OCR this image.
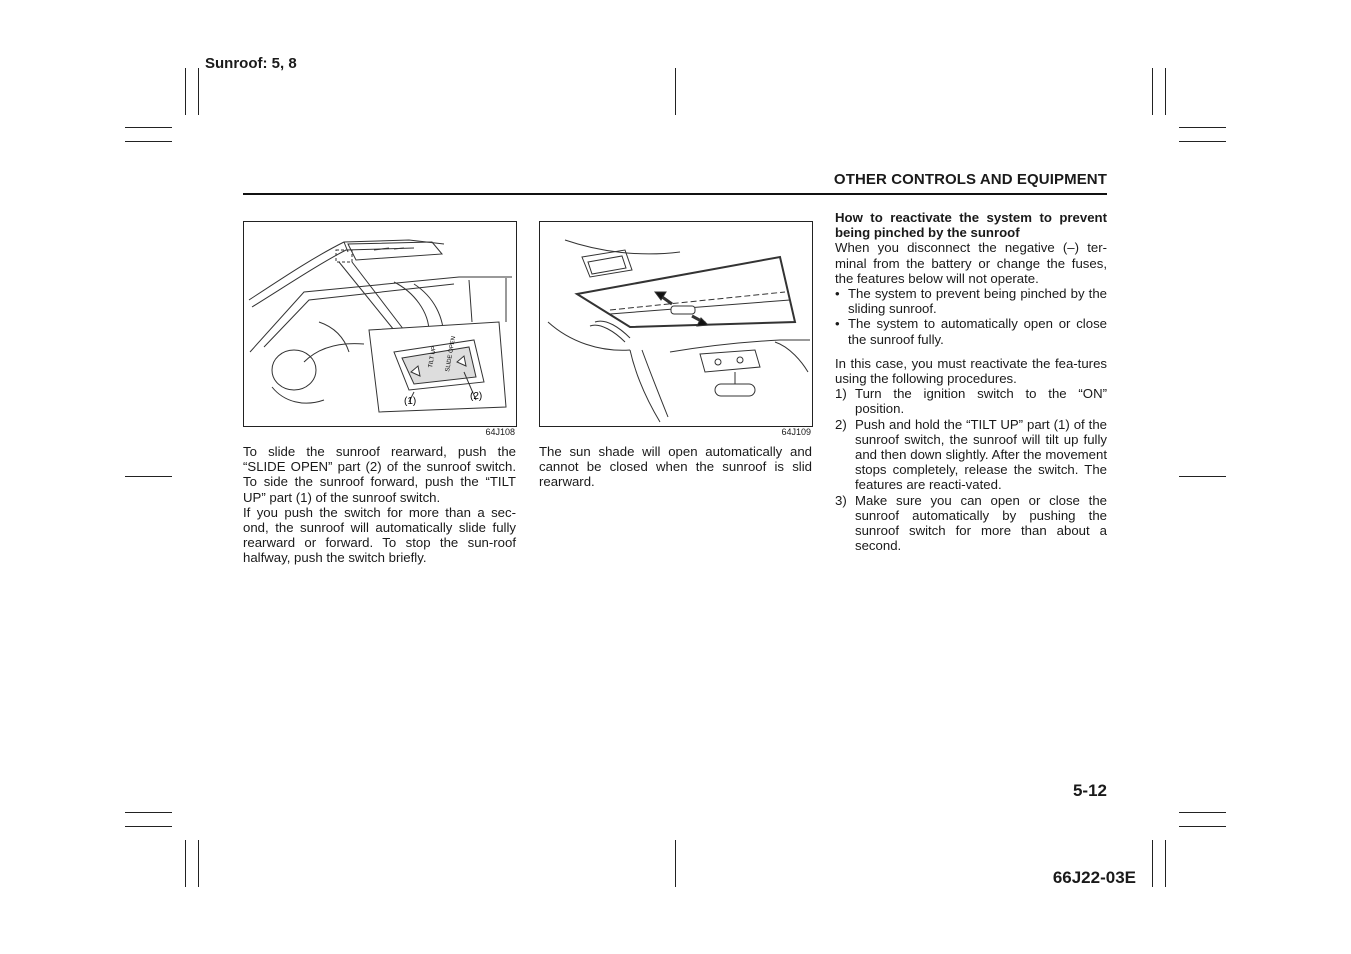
Sunroof: 5, 8
OTHER CONTROLS AND EQUIPMENT
TILT UP SLIDE OPEN
(1)	(2)
64J108	64J109

To slide the sunroof rearward, push the “SLIDE OPEN” part (2) of the sunroof switch. To side the sunroof forward, push the “TILT UP” part (1) of the sunroof switch.

If you push the switch for more than a sec-ond, the sunroof will automatically slide fully rearward or forward. To stop the sun-roof halfway, push the switch briefly.

The sun shade will open automatically and cannot be closed when the sunroof is slid rearward.

How to reactivate the system to prevent being pinched by the sunroof

When you disconnect the negative (–) ter-minal from the battery or change the fuses, the features below will not operate.

• The system to prevent being pinched by the sliding sunroof.
• The system to automatically open or close the sunroof fully.

In this case, you must reactivate the fea-tures using the following procedures.

1) Turn the ignition switch to the “ON” position.
2) Push and hold the “TILT UP” part (1) of the sunroof switch, the sunroof will tilt up fully and then down slightly. After the movement stops completely, release the switch. The features are reacti-vated.
3) Make sure you can open or close the sunroof automatically by pushing the sunroof switch for more than about a second.
5-12
66J22-03E
